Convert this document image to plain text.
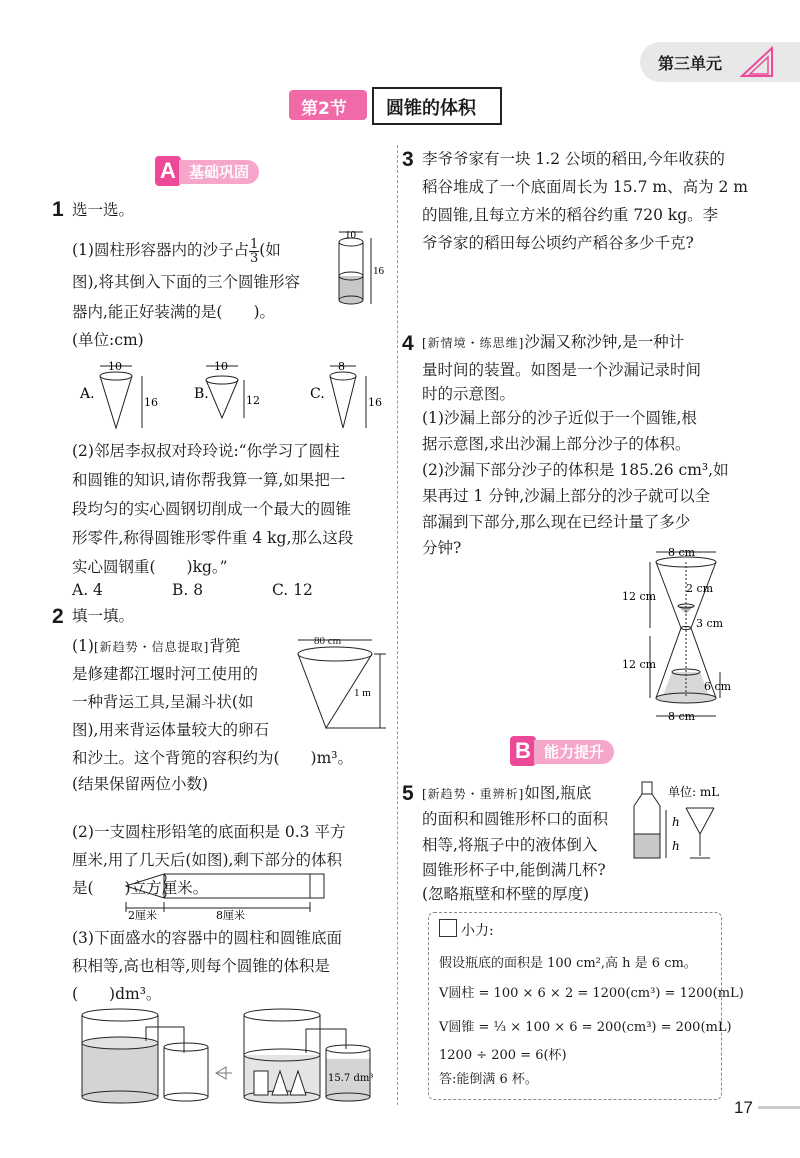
第三单元
第2节 圆锥的体积
A 基础巩固
1 选一选。
(1)圆柱形容器内的沙子占 $\frac{1}{3}$ (如
图),将其倒入下面的三个圆锥形容
器内,能正好装满的是(　　)。
(单位:cm)
10
16
A.
10
16
B.
10
12	C.
8
16
(2)邻居李叔叔对玲玲说:“你学习了圆柱
和圆锥的知识,请你帮我算一算,如果把一
段均匀的实心圆钢切削成一个最大的圆锥
形零件,称得圆锥形零件重 4 kg,那么这段
实心圆钢重(　　)kg。”
A. 4	B. 8	C. 12
2 填一填。
(1)[新趋势・信息提取]背篼
是修建都江堰时河工使用的
一种背运工具,呈漏斗状(如
图),用来背运体量较大的卵石
和沙土。这个背篼的容积约为(　　)m³。
(结果保留两位小数)
80 cm
1 m
(2)一支圆柱形铅笔的底面积是 0.3 平方
厘米,用了几天后(如图),剩下部分的体积
是(　　)立方厘米。
2厘米	8厘米
(3)下面盛水的容器中的圆柱和圆锥底面
积相等,高也相等,则每个圆锥的体积是
(　　)dm³。
15.7 dm³
3 李爷爷家有一块 1.2 公顷的稻田,今年收获的
稻谷堆成了一个底面周长为 15.7 m、高为 2 m
的圆锥,且每立方米的稻谷约重 720 kg。李
爷爷家的稻田每公顷约产稻谷多少千克?
4 [新情境・练思维]沙漏又称沙钟,是一种计
量时间的装置。如图是一个沙漏记录时间
时的示意图。
(1)沙漏上部分的沙子近似于一个圆锥,根
据示意图,求出沙漏上部分沙子的体积。
(2)沙漏下部分沙子的体积是 185.26 cm³,如
果再过 1 分钟,沙漏上部分的沙子就可以全
部漏到下部分,那么现在已经计量了多少
分钟?	8 cm
12 cm
2 cm
3 cm
12 cm
6 cm
8 cm
B 能力提升
5 [新趋势・重辨析]如图,瓶底
的面积和圆锥形杯口的面积
相等,将瓶子中的液体倒入
圆锥形杯子中,能倒满几杯?
(忽略瓶壁和杯壁的厚度)
单位: mL
h
h
小力:
假设瓶底的面积是 100 cm²,高 h 是 6 cm。
V圆柱 = 100 × 6 × 2 = 1200(cm³) = 1200(mL)
V圆锥 = ⅓ × 100 × 6 = 200(cm³) = 200(mL)
1200 ÷ 200 = 6(杯)
答:能倒满 6 杯。
17
